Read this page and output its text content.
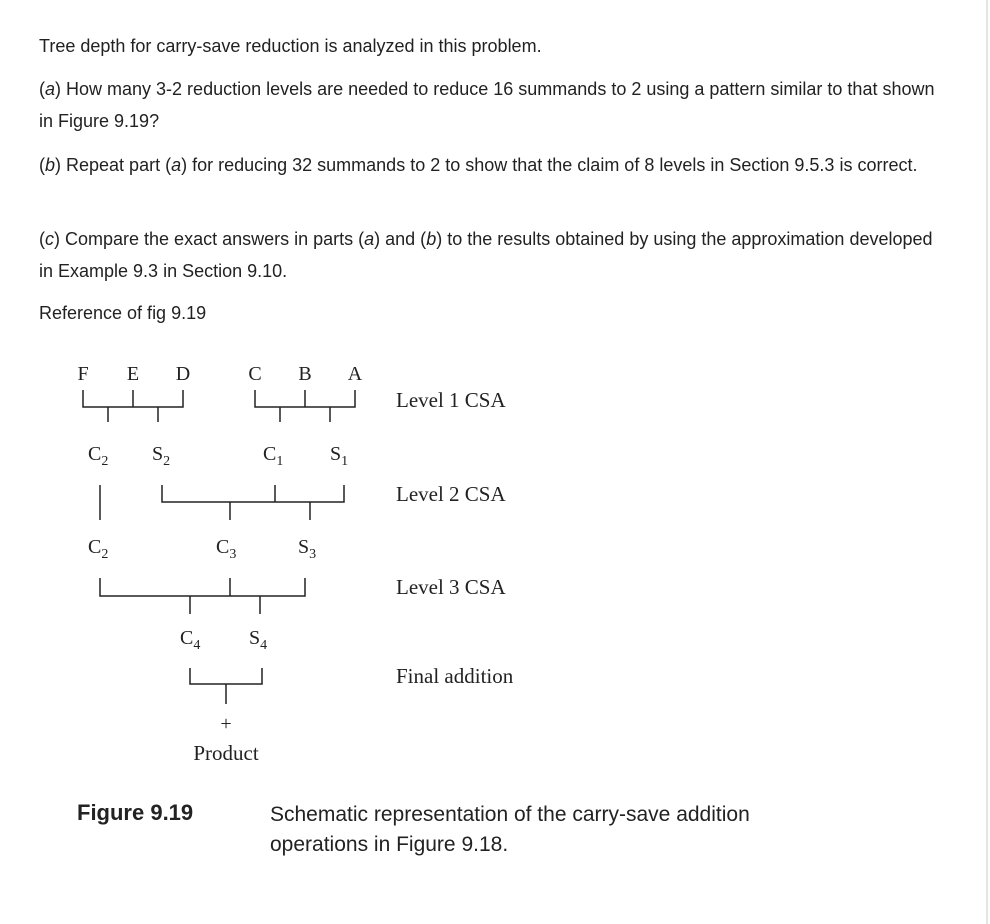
Tree depth for carry-save reduction is analyzed in this problem.

(a) How many 3-2 reduction levels are needed to reduce 16 summands to 2 using a pattern similar to that shown in Figure 9.19?

(b) Repeat part (a) for reducing 32 summands to 2 to show that the claim of 8 levels in Section 9.5.3 is correct.

(c) Compare the exact answers in parts (a) and (b) to the results obtained by using the approximation developed in Example 9.3 in Section 9.10.

Reference of fig 9.19

F E D	C B A
$C_2$ $S_2$	$C_1$ $S_1$
$C_2$	$C_3$	$S_3$
$C_4$ $S_4$
+
Product
Level 1 CSA
Level 2 CSA
Level 3 CSA
Final addition
Figure 9.19	Schematic representation of the carry-save addition operations in Figure 9.18.
